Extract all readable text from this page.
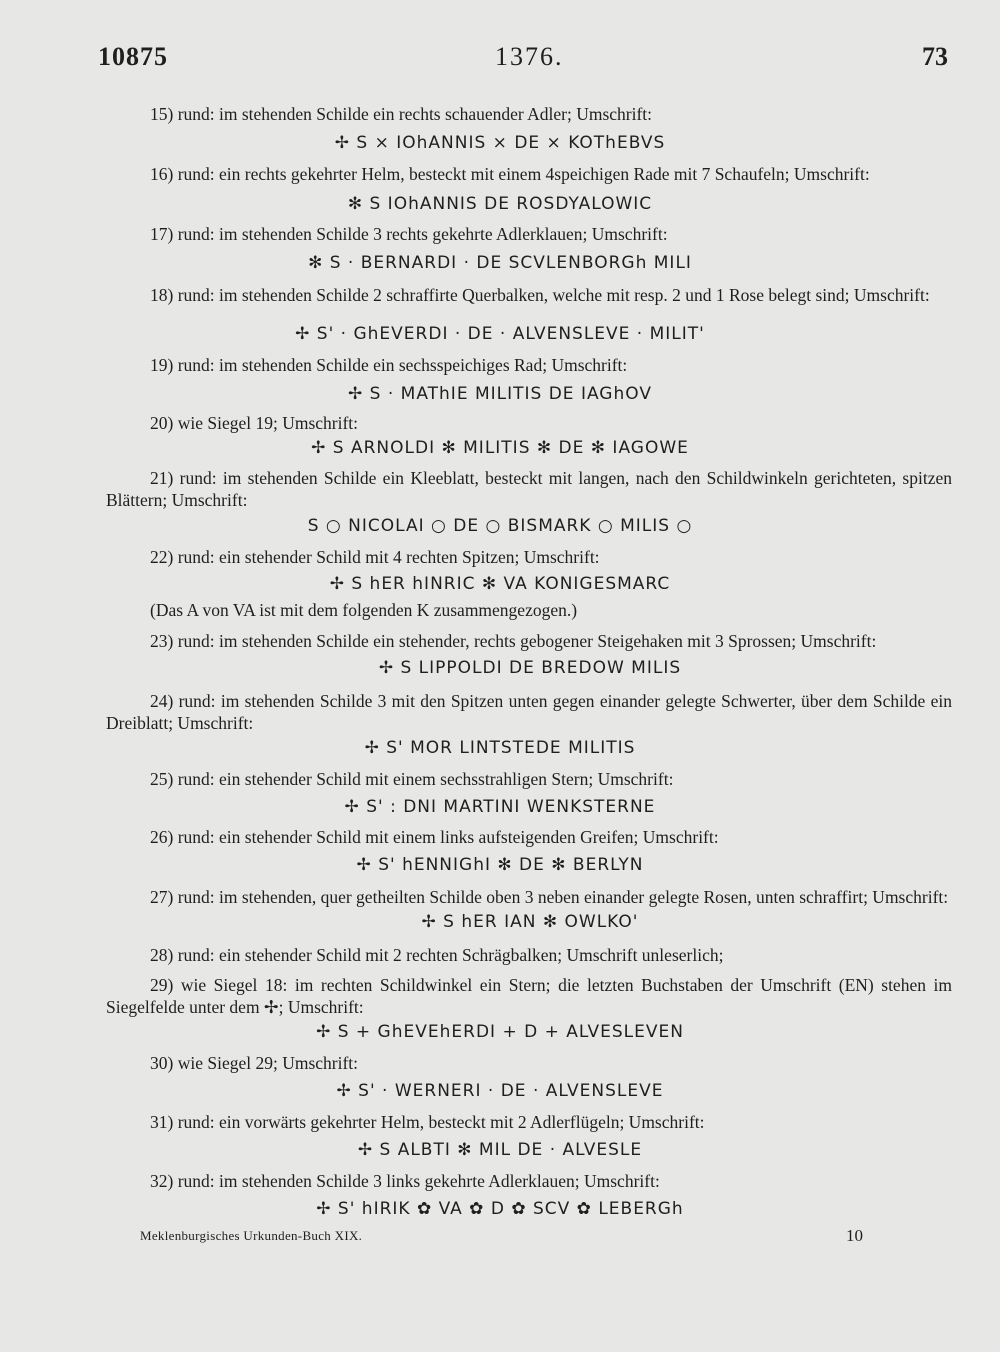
10875	1376.	73
15) rund: im stehenden Schilde ein rechts schauender Adler; Umschrift:
✢ S × IOhANNIS × DE × KOThEBVS
16) rund: ein rechts gekehrter Helm, besteckt mit einem 4speichigen Rade mit 7 Schaufeln; Umschrift:
✻ S IOhANNIS DE ROSDYALOWIC
17) rund: im stehenden Schilde 3 rechts gekehrte Adlerklauen; Umschrift:
✻ S · BERNARDI · DE SCVLENBORGh MILI
18) rund: im stehenden Schilde 2 schraffirte Querbalken, welche mit resp. 2 und 1 Rose belegt sind; Umschrift:
✢ S' · GhEVERDI · DE · ALVENSLEVE · MILIT'
19) rund: im stehenden Schilde ein sechsspeichiges Rad; Umschrift:
✢ S · MAThIE MILITIS DE IAGhOV
20) wie Siegel 19; Umschrift:
✢ S ARNOLDI ✻ MILITIS ✻ DE ✻ IAGOWE
21) rund: im stehenden Schilde ein Kleeblatt, besteckt mit langen, nach den Schildwinkeln gerichteten, spitzen Blättern; Umschrift:
S ○ NICOLAI ○ DE ○ BISMARK ○ MILIS ○
22) rund: ein stehender Schild mit 4 rechten Spitzen; Umschrift:
✢ S hER hINRIC ✻ VA KONIGESMARC
(Das A von VA ist mit dem folgenden K zusammengezogen.)
23) rund: im stehenden Schilde ein stehender, rechts gebogener Steigehaken mit 3 Sprossen; Umschrift:
✢ S LIPPOLDI DE BREDOW MILIS
24) rund: im stehenden Schilde 3 mit den Spitzen unten gegen einander gelegte Schwerter, über dem Schilde ein Dreiblatt; Umschrift:
✢ S' MOR LINTSTEDE MILITIS
25) rund: ein stehender Schild mit einem sechsstrahligen Stern; Umschrift:
✢ S' : DNI MARTINI WENKSTERNE
26) rund: ein stehender Schild mit einem links aufsteigenden Greifen; Umschrift:
✢ S' hENNIGhI ✻ DE ✻ BERLYN
27) rund: im stehenden, quer getheilten Schilde oben 3 neben einander gelegte Rosen, unten schraffirt; Umschrift:
✢ S hER IAN ✻ OWLKO'
28) rund: ein stehender Schild mit 2 rechten Schrägbalken; Umschrift unleserlich;
29) wie Siegel 18: im rechten Schildwinkel ein Stern; die letzten Buchstaben der Umschrift (EN) stehen im Siegelfelde unter dem ✢; Umschrift:
✢ S + GhEVEhERDI + D + ALVESLEVEN
30) wie Siegel 29; Umschrift:
✢ S' · WERNERI · DE · ALVENSLEVE
31) rund: ein vorwärts gekehrter Helm, besteckt mit 2 Adlerflügeln; Umschrift:
✢ S ALBTI ✻ MIL DE · ALVESLE
32) rund: im stehenden Schilde 3 links gekehrte Adlerklauen; Umschrift:
✢ S' hIRIK ✿ VA ✿ D ✿ SCV ✿ LEBERGh
Meklenburgisches Urkunden-Buch XIX.	10
